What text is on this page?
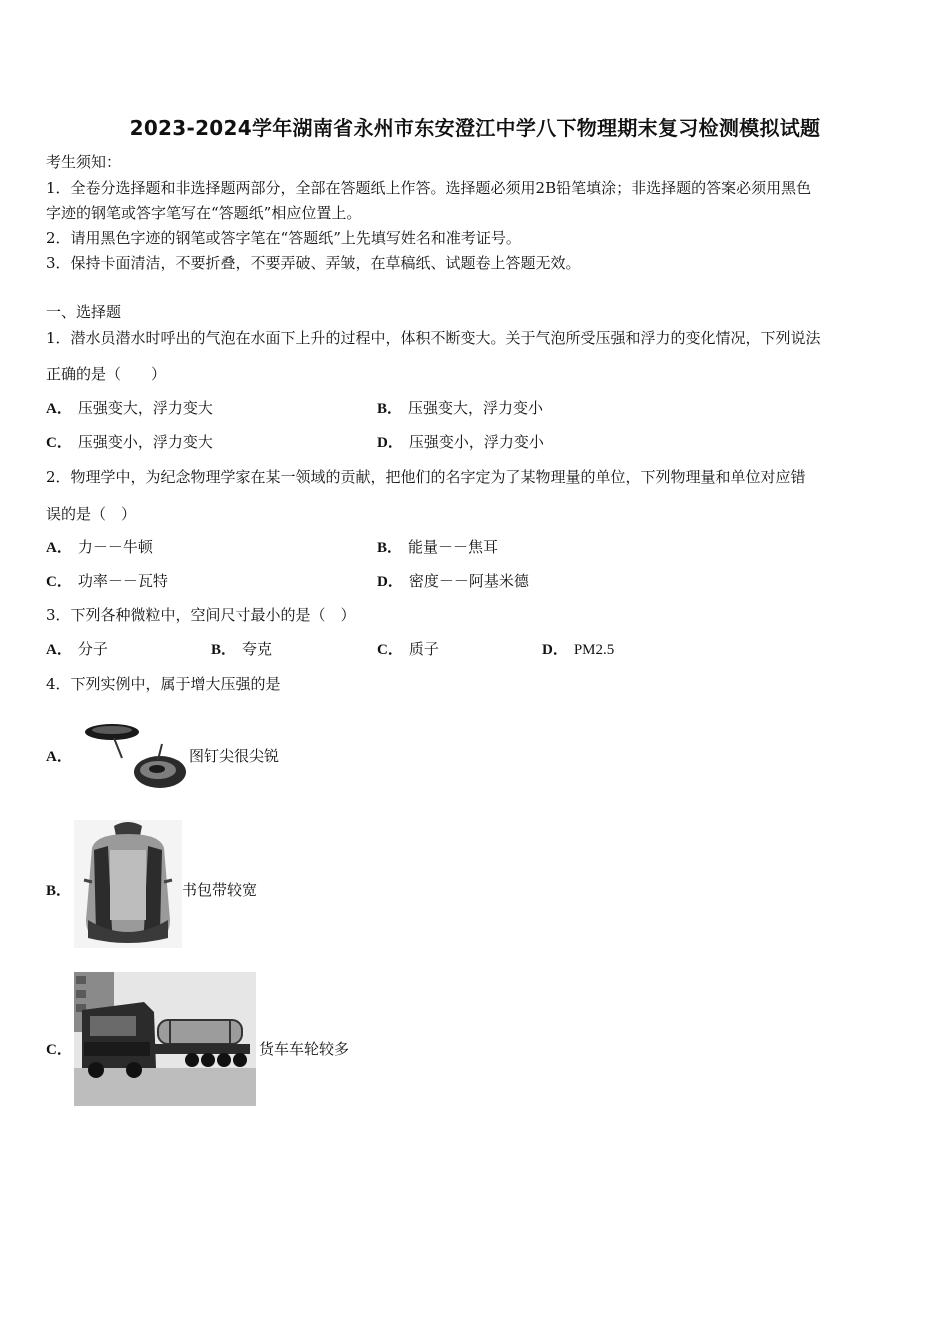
2023-2024学年湖南省永州市东安澄江中学八下物理期末复习检测模拟试题
考生须知：
1．全卷分选择题和非选择题两部分，全部在答题纸上作答。选择题必须用2B铅笔填涂；非选择题的答案必须用黑色
字迹的钢笔或答字笔写在“答题纸”相应位置上。
2．请用黑色字迹的钢笔或答字笔在“答题纸”上先填写姓名和准考证号。
3．保持卡面清洁，不要折叠，不要弄破、弄皱，在草稿纸、试题卷上答题无效。
一、选择题
1．潜水员潜水时呼出的气泡在水面下上升的过程中，体积不断变大。关于气泡所受压强和浮力的变化情况，下列说法
正确的是（　　）
A． 压强变大，浮力变大	B． 压强变大，浮力变小
C． 压强变小，浮力变大	D． 压强变小，浮力变小
2．物理学中，为纪念物理学家在某一领域的贡献，把他们的名字定为了某物理量的单位，下列物理量和单位对应错
误的是（　）
A． 力－－牛顿	B． 能量－－焦耳
C． 功率－－瓦特	D． 密度－－阿基米德
3．下列各种微粒中，空间尺寸最小的是（　）
A． 分子	B． 夸克	C． 质子	D． PM2.5
4．下列实例中，属于增大压强的是
A．	图钉尖很尖锐
B．	书包带较宽
C．	货车车轮较多
